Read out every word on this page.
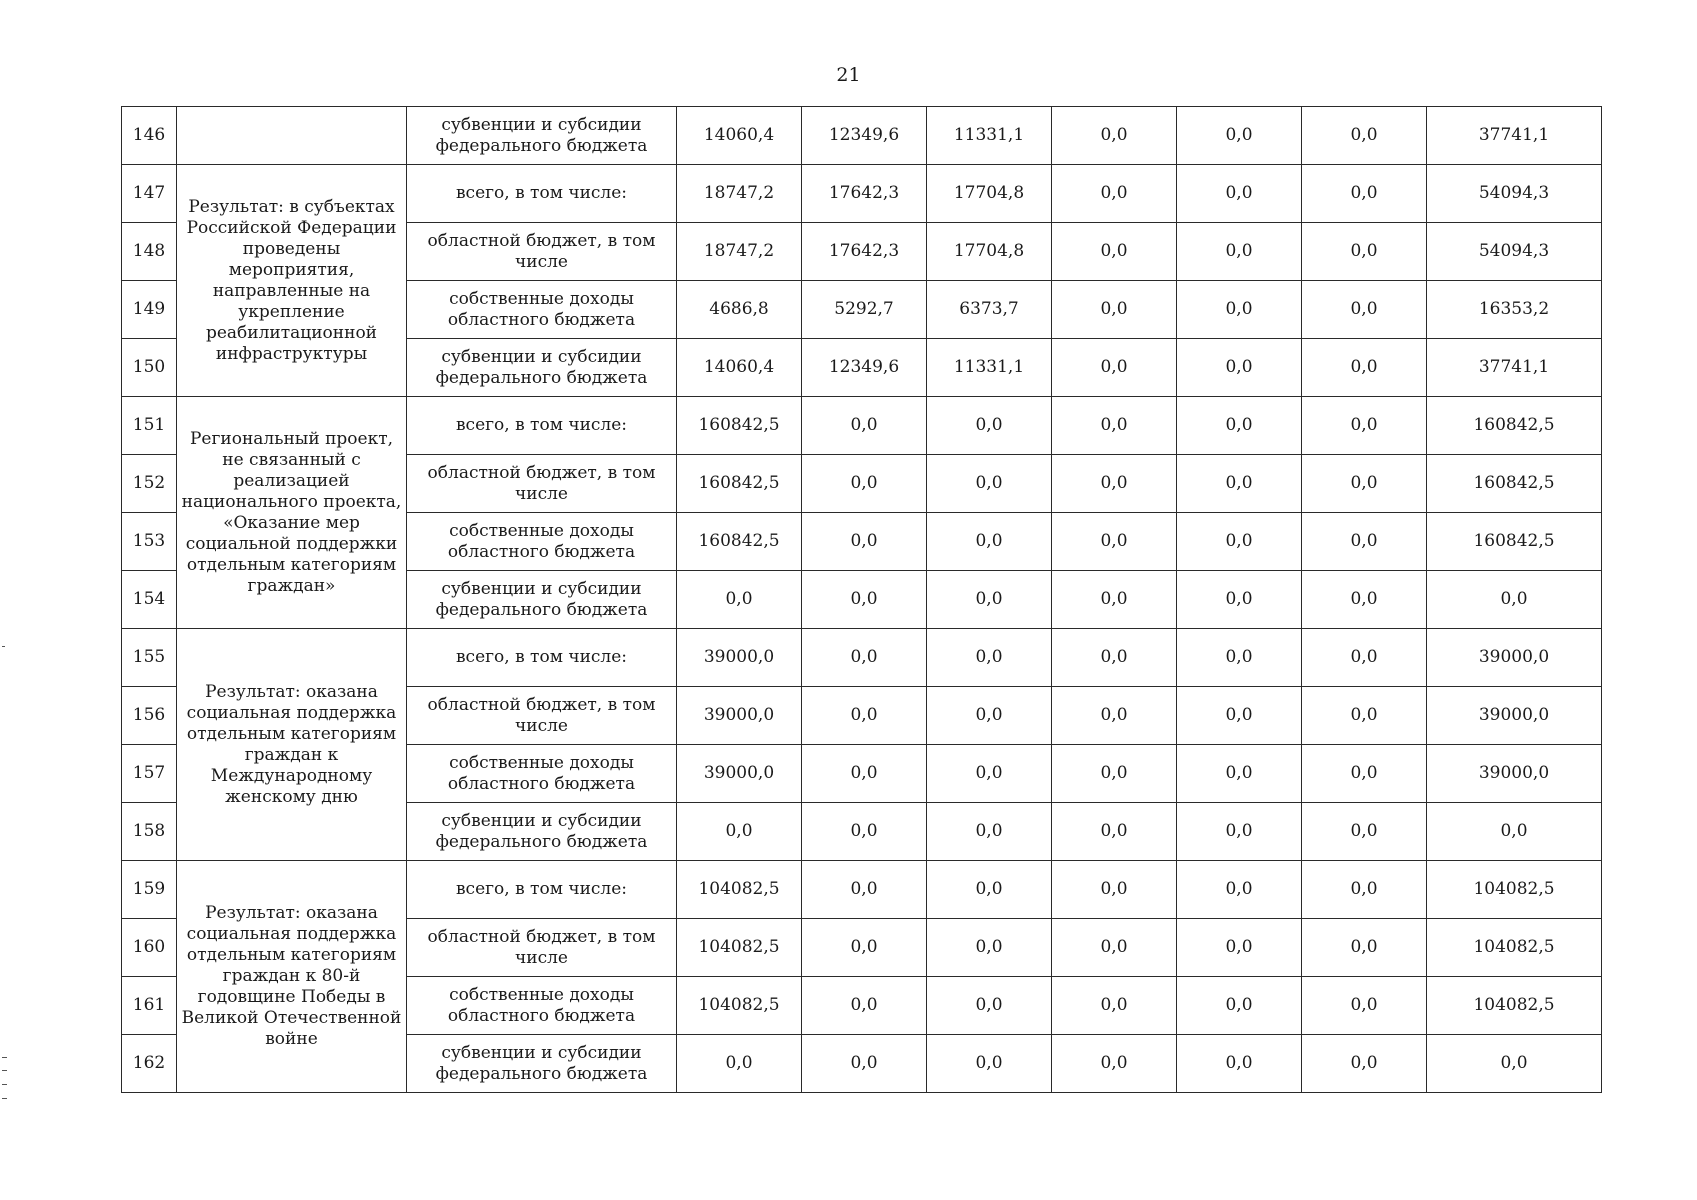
21
146		субвенции и субсидии федерального бюджета	14060,4	12349,6	11331,1	0,0	0,0	0,0	37741,1
147	Результат: в субъектах Российской Федерации проведены мероприятия, направленные на укрепление реабилитационной инфраструктуры	всего, в том числе:	18747,2	17642,3	17704,8	0,0	0,0	0,0	54094,3
148		областной бюджет, в том числе	18747,2	17642,3	17704,8	0,0	0,0	0,0	54094,3
149		собственные доходы областного бюджета	4686,8	5292,7	6373,7	0,0	0,0	0,0	16353,2
150		субвенции и субсидии федерального бюджета	14060,4	12349,6	11331,1	0,0	0,0	0,0	37741,1
151	Региональный проект, не связанный с реализацией национального проекта, «Оказание мер социальной поддержки отдельным категориям граждан»	всего, в том числе:	160842,5	0,0	0,0	0,0	0,0	0,0	160842,5
152		областной бюджет, в том числе	160842,5	0,0	0,0	0,0	0,0	0,0	160842,5
153		собственные доходы областного бюджета	160842,5	0,0	0,0	0,0	0,0	0,0	160842,5
154		субвенции и субсидии федерального бюджета	0,0	0,0	0,0	0,0	0,0	0,0	0,0
155	Результат: оказана социальная поддержка отдельным категориям граждан к Международному женскому дню	всего, в том числе:	39000,0	0,0	0,0	0,0	0,0	0,0	39000,0
156		областной бюджет, в том числе	39000,0	0,0	0,0	0,0	0,0	0,0	39000,0
157		собственные доходы областного бюджета	39000,0	0,0	0,0	0,0	0,0	0,0	39000,0
158		субвенции и субсидии федерального бюджета	0,0	0,0	0,0	0,0	0,0	0,0	0,0
159	Результат: оказана социальная поддержка отдельным категориям граждан к 80-й годовщине Победы в Великой Отечественной войне	всего, в том числе:	104082,5	0,0	0,0	0,0	0,0	0,0	104082,5
160		областной бюджет, в том числе	104082,5	0,0	0,0	0,0	0,0	0,0	104082,5
161		собственные доходы областного бюджета	104082,5	0,0	0,0	0,0	0,0	0,0	104082,5
162		субвенции и субсидии федерального бюджета	0,0	0,0	0,0	0,0	0,0	0,0	0,0
